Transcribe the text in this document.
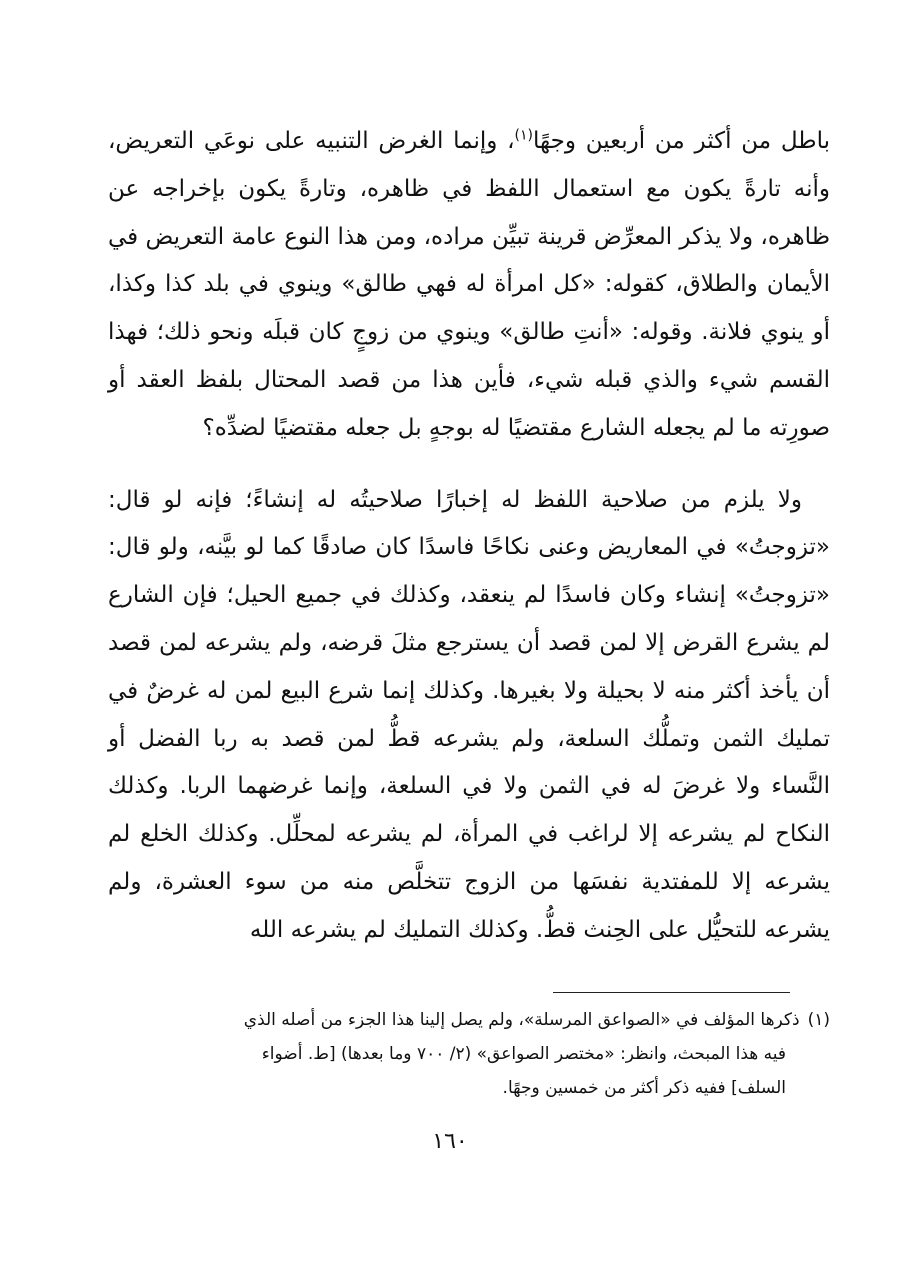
باطل من أكثر من أربعين وجهًا$^{(١)}$، وإنما الغرض التنبيه على نوعَي التعريض، وأنه تارةً يكون مع استعمال اللفظ في ظاهره، وتارةً يكون بإخراجه عن ظاهره، ولا يذكر المعرِّض قرينة تبيِّن مراده، ومن هذا النوع عامة التعريض في الأيمان والطلاق، كقوله: «كل امرأة له فهي طالق» وينوي في بلد كذا وكذا، أو ينوي فلانة. وقوله: «أنتِ طالق» وينوي من زوجٍ كان قبلَه ونحو ذلك؛ فهذا القسم شيء والذي قبله شيء، فأين هذا من قصد المحتال بلفظ العقد أو صورِته ما لم يجعله الشارع مقتضيًا له بوجهٍ بل جعله مقتضيًا لضدِّه؟

ولا يلزم من صلاحية اللفظ له إخبارًا صلاحيتُه له إنشاءً؛ فإنه لو قال: «تزوجتُ» في المعاريض وعنى نكاحًا فاسدًا كان صادقًا كما لو بيَّنه، ولو قال: «تزوجتُ» إنشاء وكان فاسدًا لم ينعقد، وكذلك في جميع الحيل؛ فإن الشارع لم يشرع القرض إلا لمن قصد أن يسترجع مثلَ قرضه، ولم يشرعه لمن قصد أن يأخذ أكثر منه لا بحيلة ولا بغيرها. وكذلك إنما شرع البيع لمن له غرضٌ في تمليك الثمن وتملُّك السلعة، ولم يشرعه قطُّ لمن قصد به ربا الفضل أو النَّساء ولا غرضَ له في الثمن ولا في السلعة، وإنما غرضهما الربا. وكذلك النكاح لم يشرعه إلا لراغب في المرأة، لم يشرعه لمحلِّل. وكذلك الخلع لم يشرعه إلا للمفتدية نفسَها من الزوج تتخلَّص منه من سوء العشرة، ولم يشرعه للتحيُّل على الحِنث قطُّ. وكذلك التمليك لم يشرعه الله

(١)ذكرها المؤلف في «الصواعق المرسلة»، ولم يصل إلينا هذا الجزء من أصله الذي
فيه هذا المبحث، وانظر: «مختصر الصواعق» (٢/ ٧٠٠ وما بعدها) [ط. أضواء
السلف] ففيه ذكر أكثر من خمسين وجهًا.
١٦٠
